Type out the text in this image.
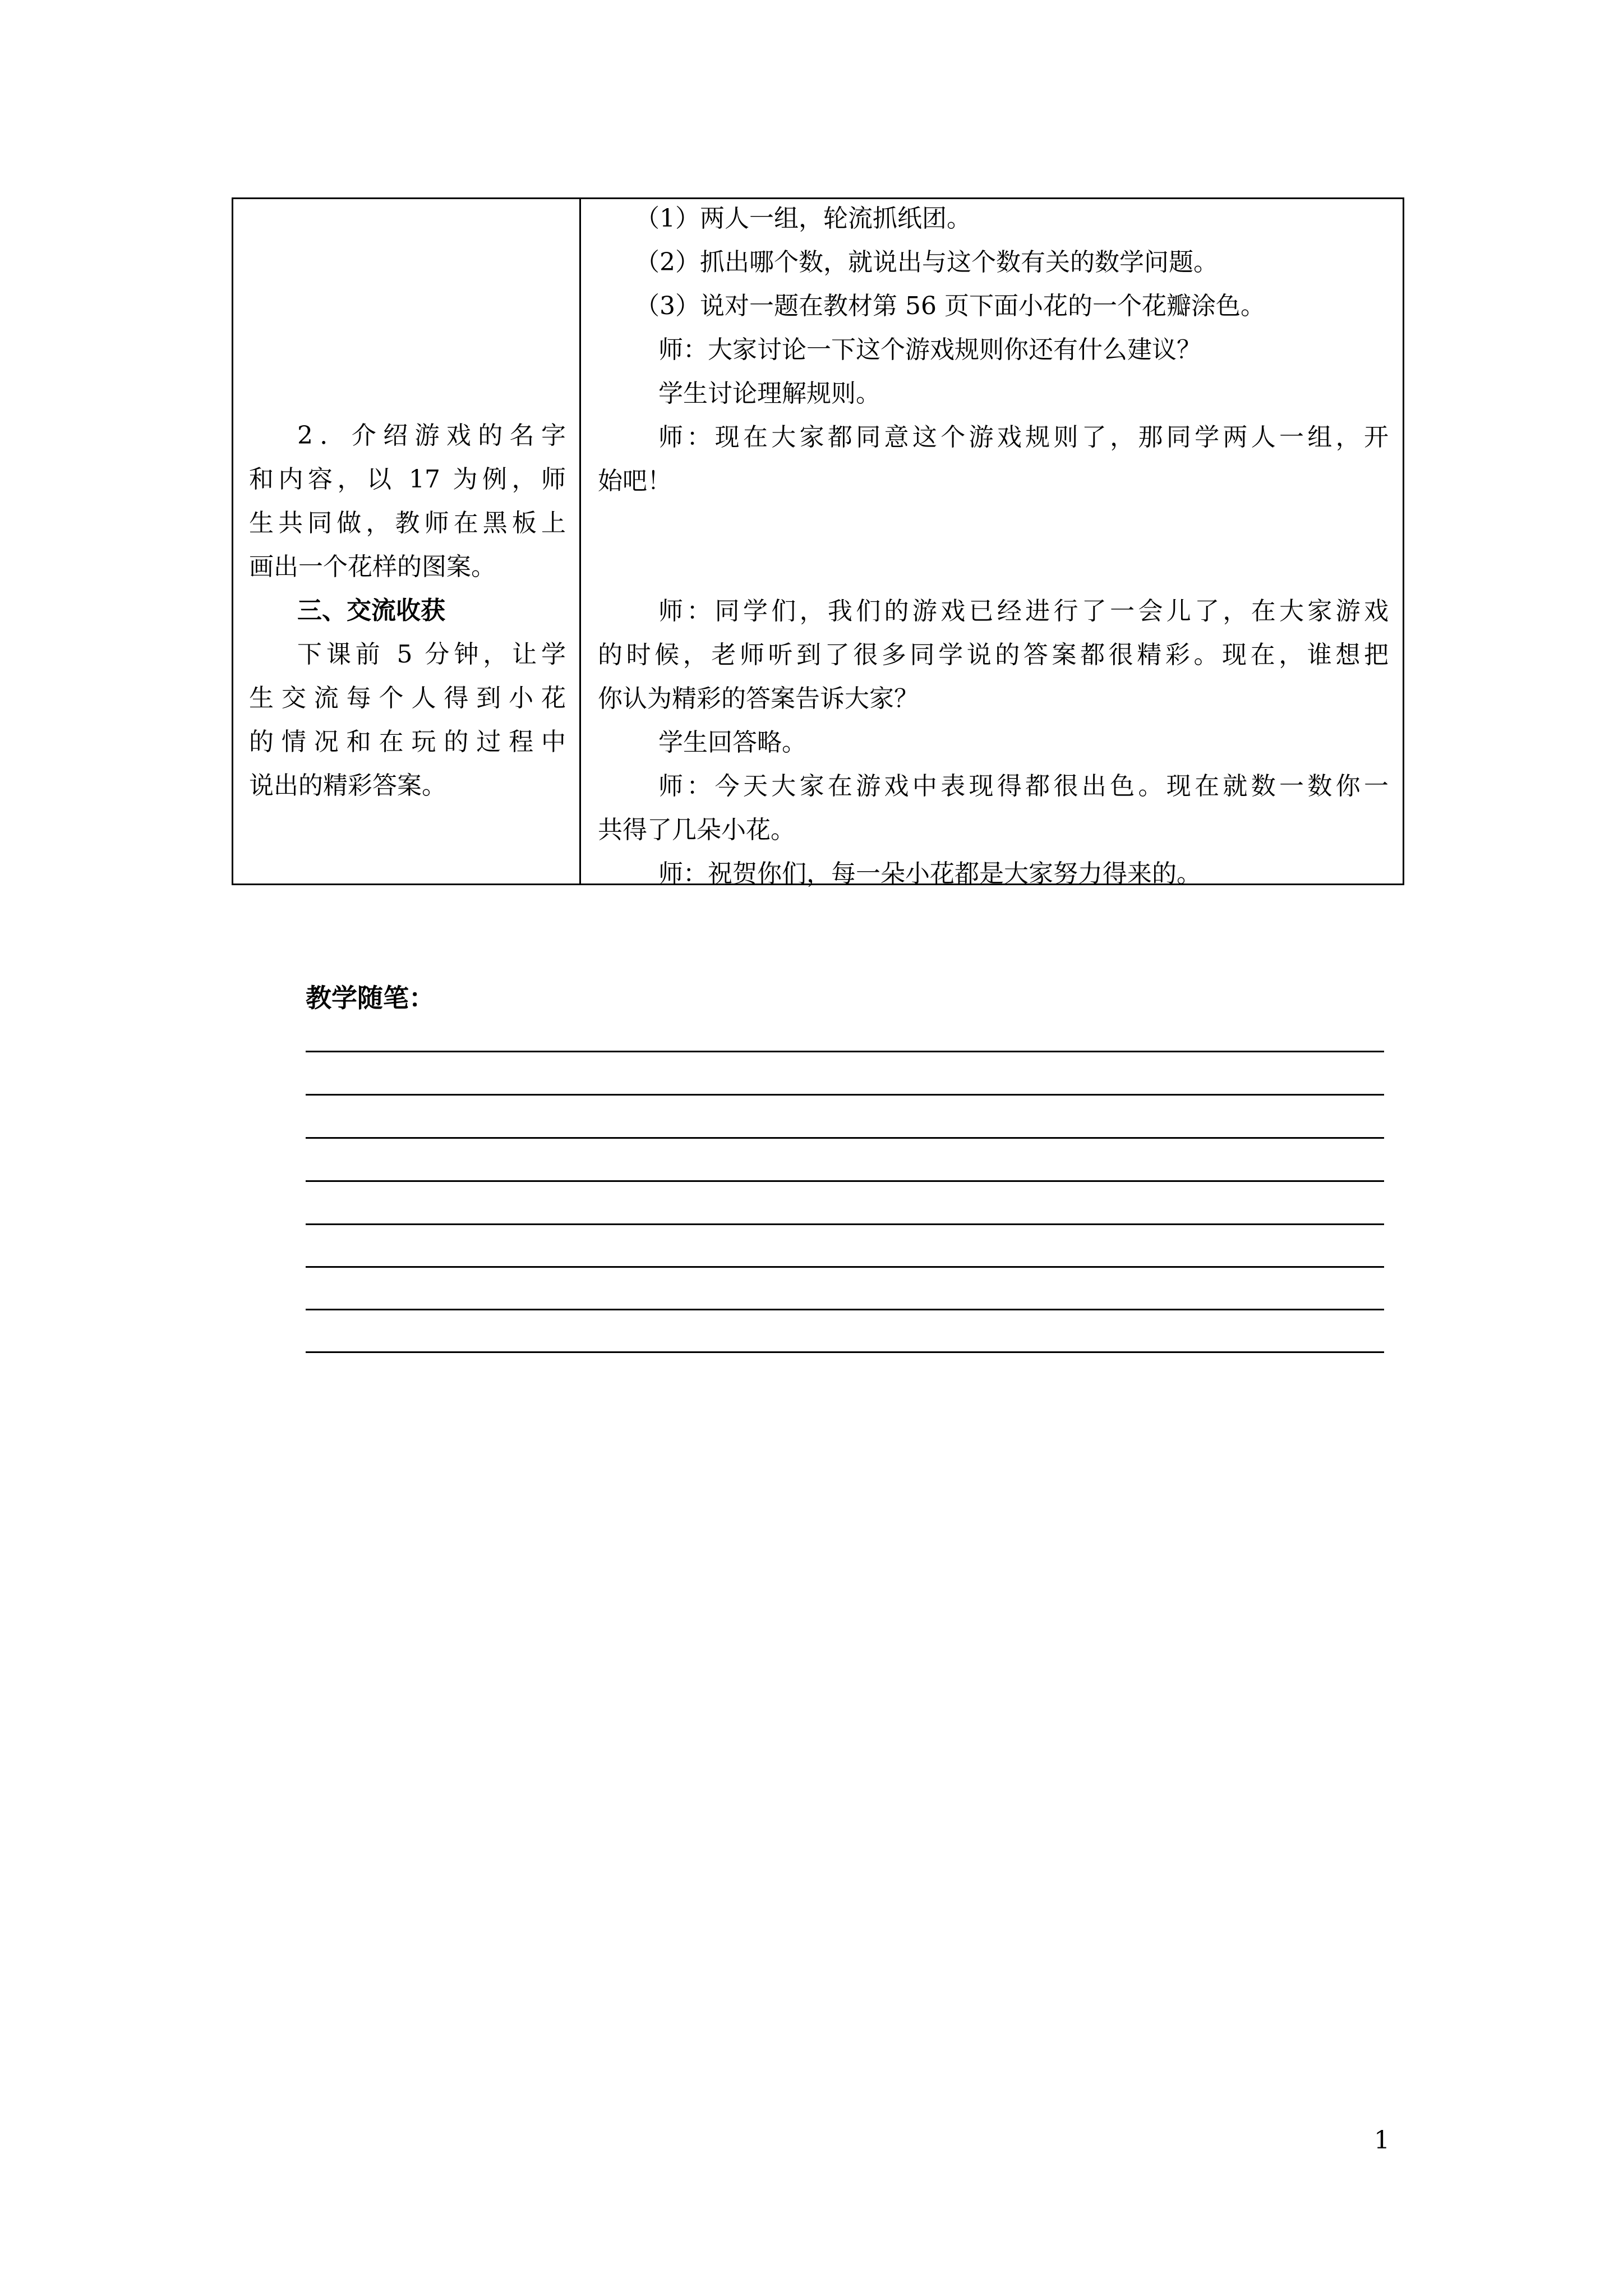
2．介绍游戏的名字
和内容，以 17 为例，师
生共同做，教师在黑板上
画出一个花样的图案。
三、交流收获
下课前 5 分钟，让学
生交流每个人得到小花
的情况和在玩的过程中
说出的精彩答案。
（1）两人一组，轮流抓纸团。
（2）抓出哪个数，就说出与这个数有关的数学问题。
（3）说对一题在教材第 56 页下面小花的一个花瓣涂色。
师：大家讨论一下这个游戏规则你还有什么建议？
学生讨论理解规则。
师：现在大家都同意这个游戏规则了，那同学两人一组，开
始吧！
师：同学们，我们的游戏已经进行了一会儿了，在大家游戏
的时候，老师听到了很多同学说的答案都很精彩。现在，谁想把
你认为精彩的答案告诉大家？
学生回答略。
师：今天大家在游戏中表现得都很出色。现在就数一数你一
共得了几朵小花。
师：祝贺你们，每一朵小花都是大家努力得来的。
教学随笔：
1
